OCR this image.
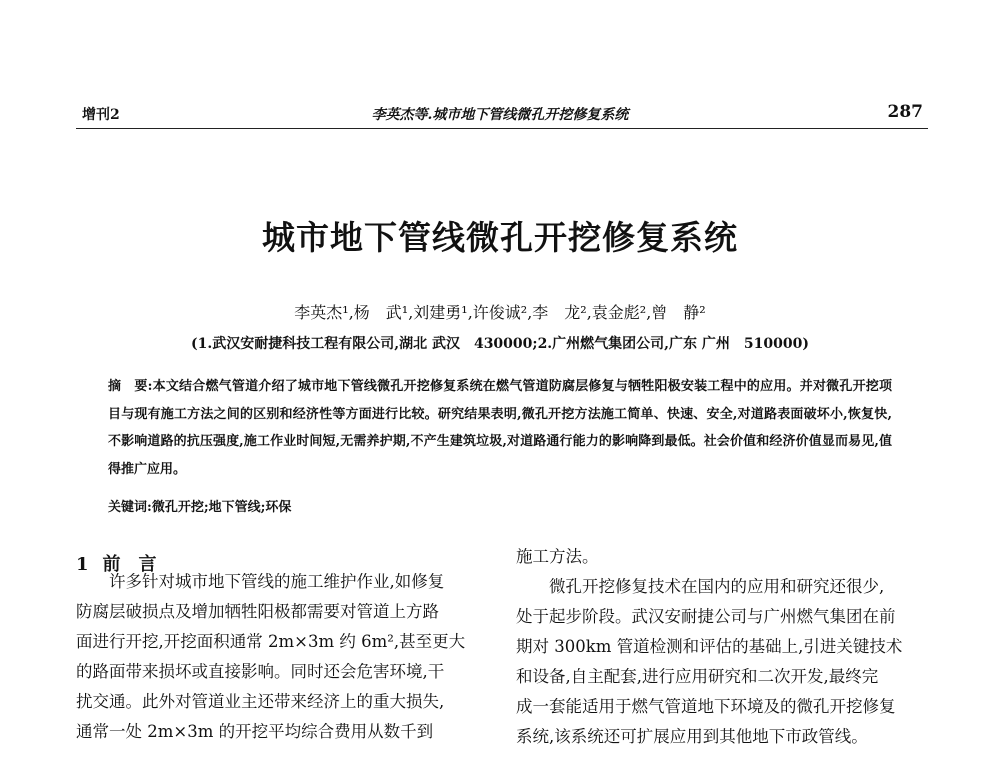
增刊2	李英杰等.城市地下管线微孔开挖修复系统	287
城市地下管线微孔开挖修复系统
李英杰¹,杨　武¹,刘建勇¹,许俊诚²,李　龙²,袁金彪²,曾　静²
(1.武汉安耐捷科技工程有限公司,湖北 武汉　430000;2.广州燃气集团公司,广东 广州　510000)
摘　要:本文结合燃气管道介绍了城市地下管线微孔开挖修复系统在燃气管道防腐层修复与牺牲阳极安装工程中的应用。并对微孔开挖项目与现有施工方法之间的区别和经济性等方面进行比较。研究结果表明,微孔开挖方法施工简单、快速、安全,对道路表面破坏小,恢复快,不影响道路的抗压强度,施工作业时间短,无需养护期,不产生建筑垃圾,对道路通行能力的影响降到最低。社会价值和经济价值显而易见,值得推广应用。
关键词:微孔开挖;地下管线;环保
1 前　言
许多针对城市地下管线的施工维护作业,如修复
防腐层破损点及增加牺牲阳极都需要对管道上方路
面进行开挖,开挖面积通常 2m×3m 约 6m²,甚至更大
的路面带来损坏或直接影响。同时还会危害环境,干
扰交通。此外对管道业主还带来经济上的重大损失,
通常一处 2m×3m 的开挖平均综合费用从数千到
施工方法。
微孔开挖修复技术在国内的应用和研究还很少,
处于起步阶段。武汉安耐捷公司与广州燃气集团在前
期对 300km 管道检测和评估的基础上,引进关键技术
和设备,自主配套,进行应用研究和二次开发,最终完
成一套能适用于燃气管道地下环境及的微孔开挖修复
系统,该系统还可扩展应用到其他地下市政管线。
